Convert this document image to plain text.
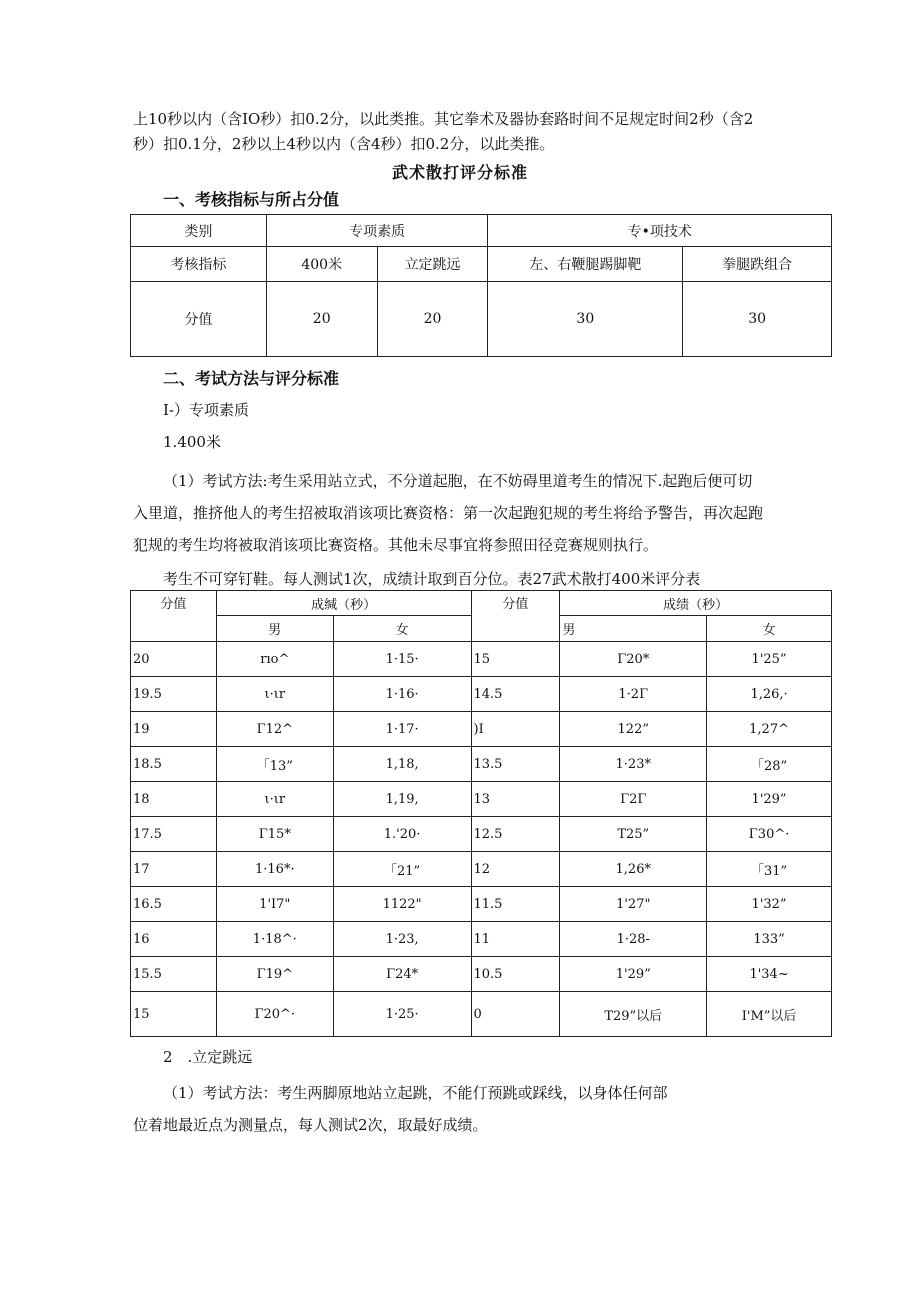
上10秒以内（含IO秒）扣0.2分，以此类推。其它拳术及器协套路时间不足规定时间2秒（含2

秒）扣0.1分，2秒以上4秒以内（含4秒）扣0.2分，以此类推。

武术散打评分标准
一、考核指标与所占分值
类别	专项素质		专•项技术	
考核指标	400米	立定跳远	左、右鞭腿踢脚靶	拳腿跌组合
分值	20	20	30	30
二、考试方法与评分标准

I-）专项素质

1.400米

（1）考试方法:考生采用站立式，不分道起胞，在不妨碍里道考生的情况下.起跑后便可切

入里道，推挤他人的考生招被取消该项比赛资格：第一次起跑犯规的考生将给予警告，再次起跑

犯规的考生均将被取消该项比赛资格。其他未尽事宜将参照田径竞赛规则执行。

考生不可穿钉鞋。每人测试1次，成绩计取到百分位。表27武术散打400米评分表

分值	成缄（秒）		分值	成绩（秒）	
	男	女		男	女
20	rıo^	1·15·	15	Γ20*	1'25”
19.5	ι·ιr	1·16·	14.5	1·2Γ	1,26,·
19	Γ12^	1·17·	)I	122”	1,27^
18.5	「13”	1,18,	13.5	1·23*	「28”
18	ι·ιr	1,19,	13	Γ2Γ	1'29”
17.5	Γ15*	1.'20·	12.5	T25”	Γ30^·
17	1·16*·	「21”	12	1,26*	「31”
16.5	1'I7"	1122"	11.5	1'27"	1'32”
16	1·18^·	1·23,	11	1·28-	133”
15.5	Γ19^	Γ24*	10.5	1'29”	1'34~
15	Γ20^·	1·25·	0	T29”以后	I'M”以后

2　.立定跳远

（1）考试方法：考生两脚原地站立起跳，不能仃预跳或踩线，以身体任何部

位着地最近点为测量点，每人测试2次，取最好成绩。
